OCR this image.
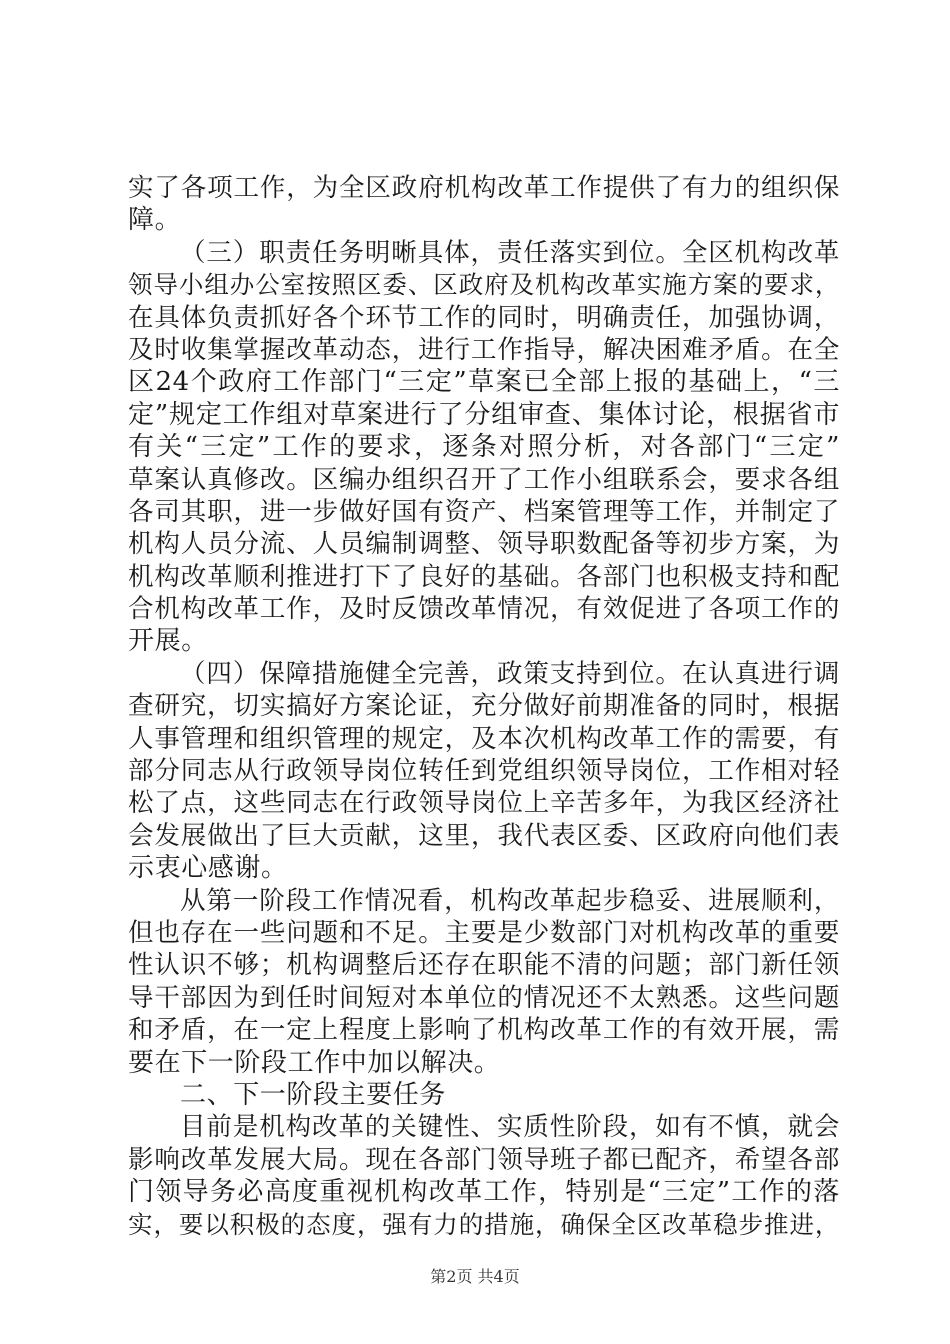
实了各项工作，为全区政府机构改革工作提供了有力的组织保
障。
（三）职责任务明晰具体，责任落实到位。全区机构改革
领导小组办公室按照区委、区政府及机构改革实施方案的要求，
在具体负责抓好各个环节工作的同时，明确责任，加强协调，
及时收集掌握改革动态，进行工作指导，解决困难矛盾。在全
区24个政府工作部门“三定”草案已全部上报的基础上，“三
定”规定工作组对草案进行了分组审查、集体讨论，根据省市
有关“三定”工作的要求，逐条对照分析，对各部门“三定”
草案认真修改。区编办组织召开了工作小组联系会，要求各组
各司其职，进一步做好国有资产、档案管理等工作，并制定了
机构人员分流、人员编制调整、领导职数配备等初步方案，为
机构改革顺利推进打下了良好的基础。各部门也积极支持和配
合机构改革工作，及时反馈改革情况，有效促进了各项工作的
开展。
（四）保障措施健全完善，政策支持到位。在认真进行调
查研究，切实搞好方案论证，充分做好前期准备的同时，根据
人事管理和组织管理的规定，及本次机构改革工作的需要，有
部分同志从行政领导岗位转任到党组织领导岗位，工作相对轻
松了点，这些同志在行政领导岗位上辛苦多年，为我区经济社
会发展做出了巨大贡献，这里，我代表区委、区政府向他们表
示衷心感谢。
从第一阶段工作情况看，机构改革起步稳妥、进展顺利，
但也存在一些问题和不足。主要是少数部门对机构改革的重要
性认识不够；机构调整后还存在职能不清的问题；部门新任领
导干部因为到任时间短对本单位的情况还不太熟悉。这些问题
和矛盾，在一定上程度上影响了机构改革工作的有效开展，需
要在下一阶段工作中加以解决。
二、下一阶段主要任务
目前是机构改革的关键性、实质性阶段，如有不慎，就会
影响改革发展大局。现在各部门领导班子都已配齐，希望各部
门领导务必高度重视机构改革工作，特别是“三定”工作的落
实，要以积极的态度，强有力的措施，确保全区改革稳步推进，
第2页 共4页
